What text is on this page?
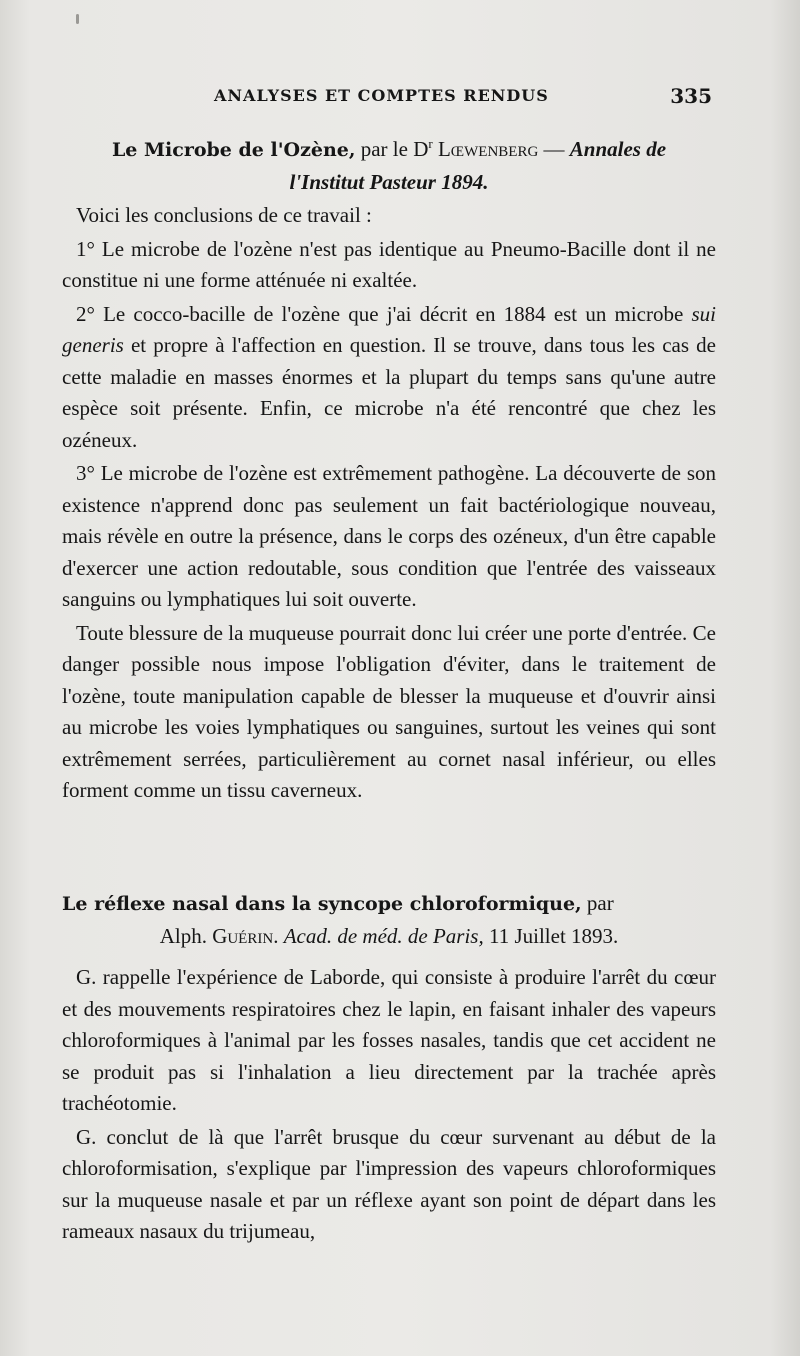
ANALYSES ET COMPTES RENDUS	335

Le Microbe de l'Ozène, par le $D^r$ Lœwenberg — Annales de

l'Institut Pasteur 1894.

Voici les conclusions de ce travail :

1° Le microbe de l'ozène n'est pas identique au Pneumo-Bacille dont il ne constitue ni une forme atténuée ni exaltée.

2° Le cocco-bacille de l'ozène que j'ai décrit en 1884 est un microbe sui generis et propre à l'affection en question. Il se trouve, dans tous les cas de cette maladie en masses énormes et la plupart du temps sans qu'une autre espèce soit présente. Enfin, ce microbe n'a été rencontré que chez les ozéneux.

3° Le microbe de l'ozène est extrêmement pathogène. La découverte de son existence n'apprend donc pas seulement un fait bactériologique nouveau, mais révèle en outre la présence, dans le corps des ozéneux, d'un être capable d'exercer une action redoutable, sous condition que l'entrée des vaisseaux sanguins ou lymphatiques lui soit ouverte.

Toute blessure de la muqueuse pourrait donc lui créer une porte d'entrée. Ce danger possible nous impose l'obligation d'éviter, dans le traitement de l'ozène, toute manipulation capable de blesser la muqueuse et d'ouvrir ainsi au microbe les voies lymphatiques ou sanguines, surtout les veines qui sont extrêmement serrées, particulièrement au cornet nasal inférieur, ou elles forment comme un tissu caverneux.

Le réflexe nasal dans la syncope chloroformique, par

Alph. Guérin. Acad. de méd. de Paris, 11 Juillet 1893.

G. rappelle l'expérience de Laborde, qui consiste à produire l'arrêt du cœur et des mouvements respiratoires chez le lapin, en faisant inhaler des vapeurs chloroformiques à l'animal par les fosses nasales, tandis que cet accident ne se produit pas si l'inhalation a lieu directement par la trachée après trachéotomie.

G. conclut de là que l'arrêt brusque du cœur survenant au début de la chloroformisation, s'explique par l'impression des vapeurs chloroformiques sur la muqueuse nasale et par un réflexe ayant son point de départ dans les rameaux nasaux du trijumeau,
